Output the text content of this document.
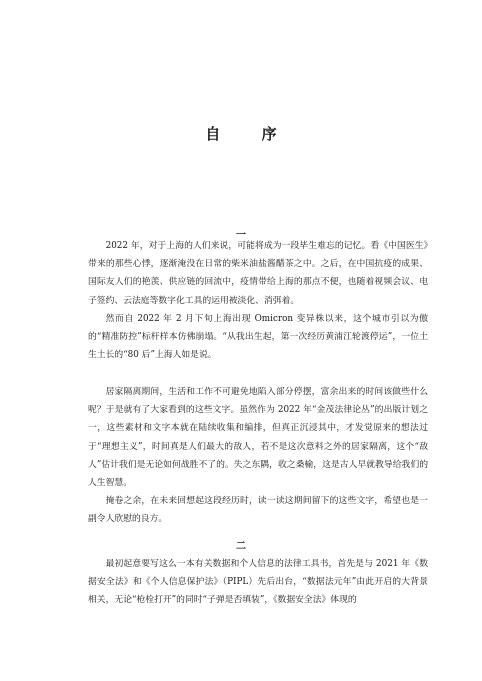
自 序
一

2022 年，对于上海的人们来说，可能将成为一段毕生难忘的记忆。看《中国医生》带来的那些心悸，逐渐淹没在日常的柴米油盐酱醋茶之中。之后，在中国抗疫的成果、国际友人们的艳羡、供应链的回流中，疫情带给上海的那点不便，也随着视频会议、电子签约、云法庭等数字化工具的运用被淡化、消弭着。

然而自 2022 年 2 月下旬上海出现 Omicron 变异株以来，这个城市引以为傲的“精准防控”标杆样本仿佛崩塌。“从我出生起，第一次经历黄浦江轮渡停运”，一位土生土长的“80 后”上海人如是说。

居家隔离期间，生活和工作不可避免地陷入部分停摆，富余出来的时间该做些什么呢？于是就有了大家看到的这些文字。虽然作为 2022 年“金茂法律论丛”的出版计划之一，这些素材和文字本就在陆续收集和编排，但真正沉浸其中，才发觉原来的想法过于“理想主义”，时间真是人们最大的敌人，若不是这次意料之外的居家隔离，这个“敌人”估计我们是无论如何战胜不了的。失之东隅，收之桑榆，这是古人早就教导给我们的人生智慧。

掩卷之余，在未来回想起这段经历时，读一读这期间留下的这些文字，希望也是一副令人欣慰的良方。

二

最初起意要写这么一本有关数据和个人信息的法律工具书，首先是与 2021 年《数据安全法》和《个人信息保护法》（PIPL）先后出台，“数据法元年”由此开启的大背景相关，无论“枪栓打开”的同时“子弹是否填装”，《数据安全法》体现的
